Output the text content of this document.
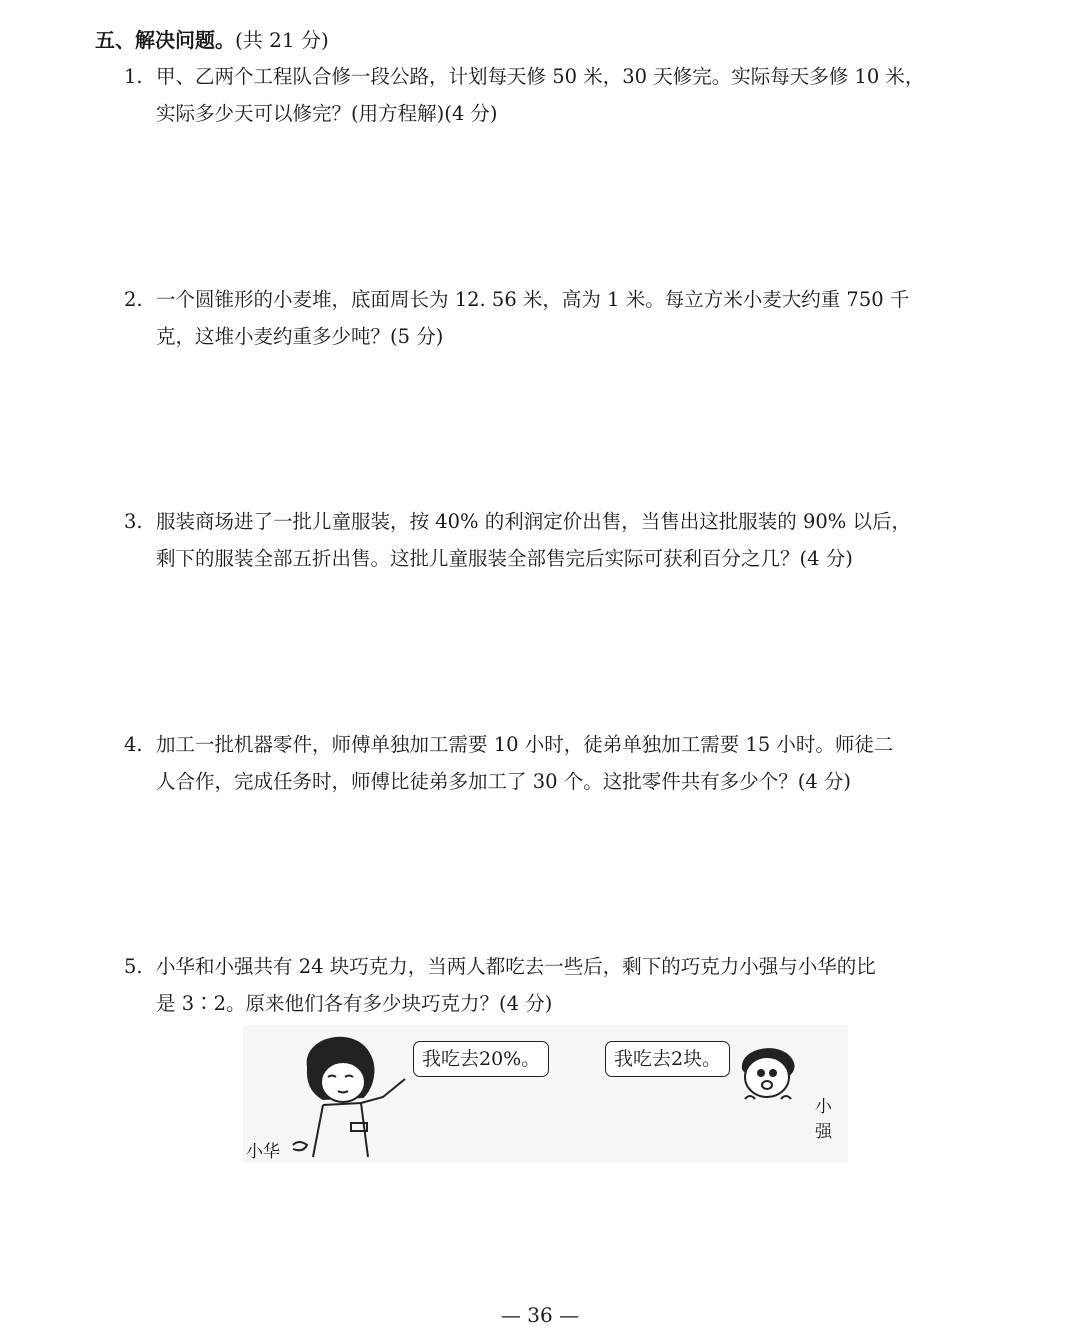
五、解决问题。(共 21 分)
1. 甲、乙两个工程队合修一段公路，计划每天修 50 米，30 天修完。实际每天多修 10 米，
实际多少天可以修完？(用方程解)(4 分)
2. 一个圆锥形的小麦堆，底面周长为 12. 56 米，高为 1 米。每立方米小麦大约重 750 千
克，这堆小麦约重多少吨？(5 分)
3. 服装商场进了一批儿童服装，按 40% 的利润定价出售，当售出这批服装的 90% 以后，
剩下的服装全部五折出售。这批儿童服装全部售完后实际可获利百分之几？(4 分)
4. 加工一批机器零件，师傅单独加工需要 10 小时，徒弟单独加工需要 15 小时。师徒二
人合作，完成任务时，师傅比徒弟多加工了 30 个。这批零件共有多少个？(4 分)
5. 小华和小强共有 24 块巧克力，当两人都吃去一些后，剩下的巧克力小强与小华的比
是 3∶2。原来他们各有多少块巧克力？(4 分)
我吃去20%。	我吃去2块。
小华
小强
— 36 —
